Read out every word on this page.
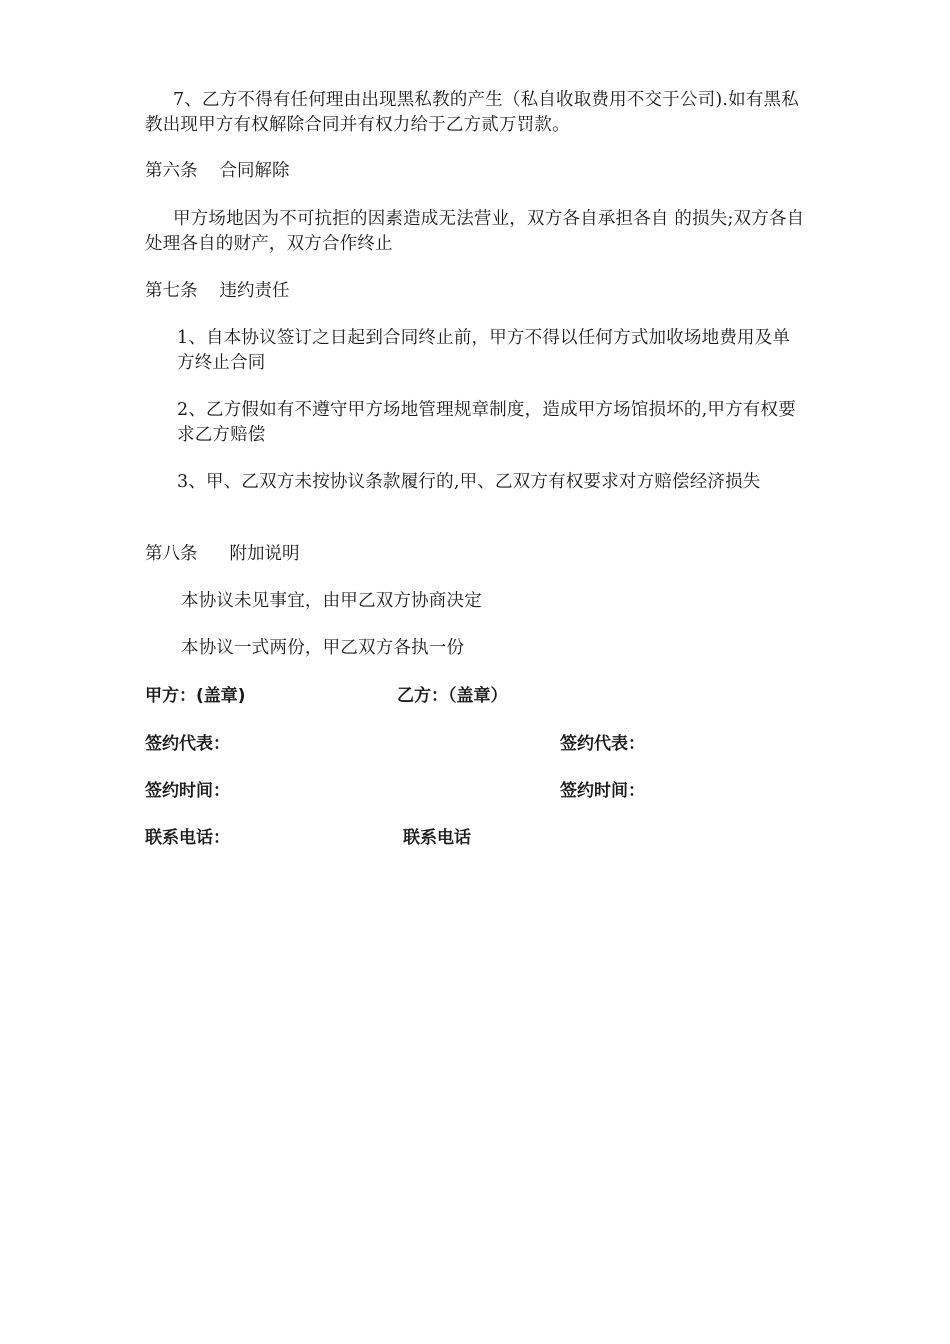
7、乙方不得有任何理由出现黑私教的产生（私自收取费用不交于公司).如有黑私教出现甲方有权解除合同并有权力给于乙方贰万罚款。

第六条 合同解除

甲方场地因为不可抗拒的因素造成无法营业，双方各自承担各自 的损失;双方各自处理各自的财产，双方合作终止

第七条 违约责任

1、自本协议签订之日起到合同终止前，甲方不得以任何方式加收场地费用及单方终止合同

2、乙方假如有不遵守甲方场地管理规章制度，造成甲方场馆损坏的,甲方有权要求乙方赔偿

3、甲、乙双方未按协议条款履行的,甲、乙双方有权要求对方赔偿经济损失

第八条 附加说明

本协议未见事宜，由甲乙双方协商决定

本协议一式两份，甲乙双方各执一份

甲方：(盖章)	乙方：（盖章）
签约代表：	签约代表：
签约时间：	签约时间：
联系电话：	联系电话
